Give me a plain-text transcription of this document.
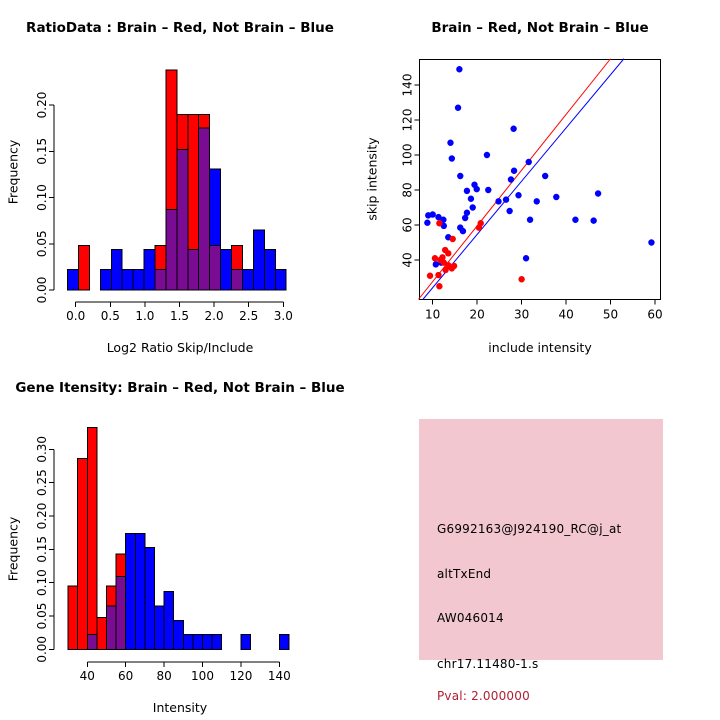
RatioData : Brain – Red, Not Brain – Blue
0.0 0.5 1.0 1.5 2.0 2.5 3.0
0.00
0.05
0.10
0.15
0.20
Frequency
Log2 Ratio Skip/Include
Brain – Red, Not Brain – Blue
10 20 30 40 50 60
40
60
80
100
120
140
skip intensity
include intensity
Gene Itensity: Brain – Red, Not Brain – Blue
40 60 80 100 120 140
0.00
0.05
0.10
0.15
0.20
0.25
0.30
Frequency
Intensity
G6992163@J924190_RC@j_at
altTxEnd
AW046014
chr17.11480-1.s
Pval: 2.000000
